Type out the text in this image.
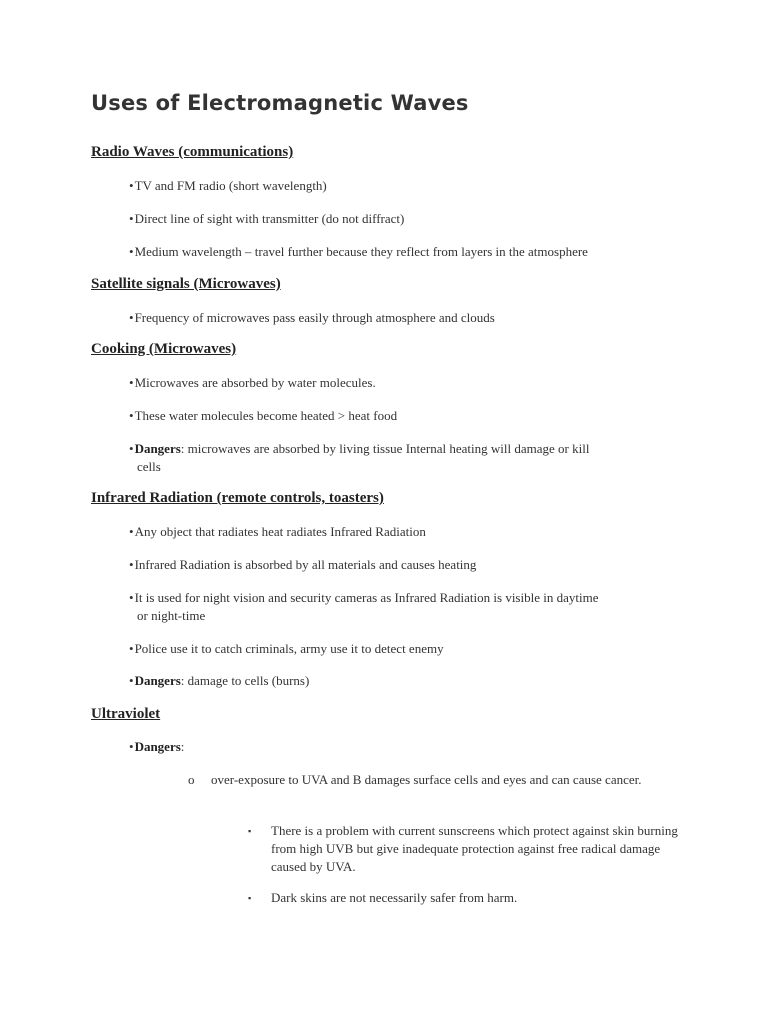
Uses of Electromagnetic Waves
Radio Waves (communications)
•TV and FM radio (short wavelength)
•Direct line of sight with transmitter (do not diffract)
•Medium wavelength – travel further because they reflect from layers in the atmosphere
Satellite signals (Microwaves)
•Frequency of microwaves pass easily through atmosphere and clouds
Cooking (Microwaves)
•Microwaves are absorbed by water molecules.
•These water molecules become heated > heat food
•Dangers: microwaves are absorbed by living tissue Internal heating will damage or kill
cells
Infrared Radiation (remote controls, toasters)
•Any object that radiates heat radiates Infrared Radiation
•Infrared Radiation is absorbed by all materials and causes heating
•It is used for night vision and security cameras as Infrared Radiation is visible in daytime
or night-time
•Police use it to catch criminals, army use it to detect enemy
•Dangers: damage to cells (burns)
Ultraviolet
•Dangers:
o	over-exposure to UVA and B damages surface cells and eyes and can cause cancer.
▪	There is a problem with current sunscreens which protect against skin burning from high UVB but give inadequate protection against free radical damage caused by UVA.
▪	Dark skins are not necessarily safer from harm.
